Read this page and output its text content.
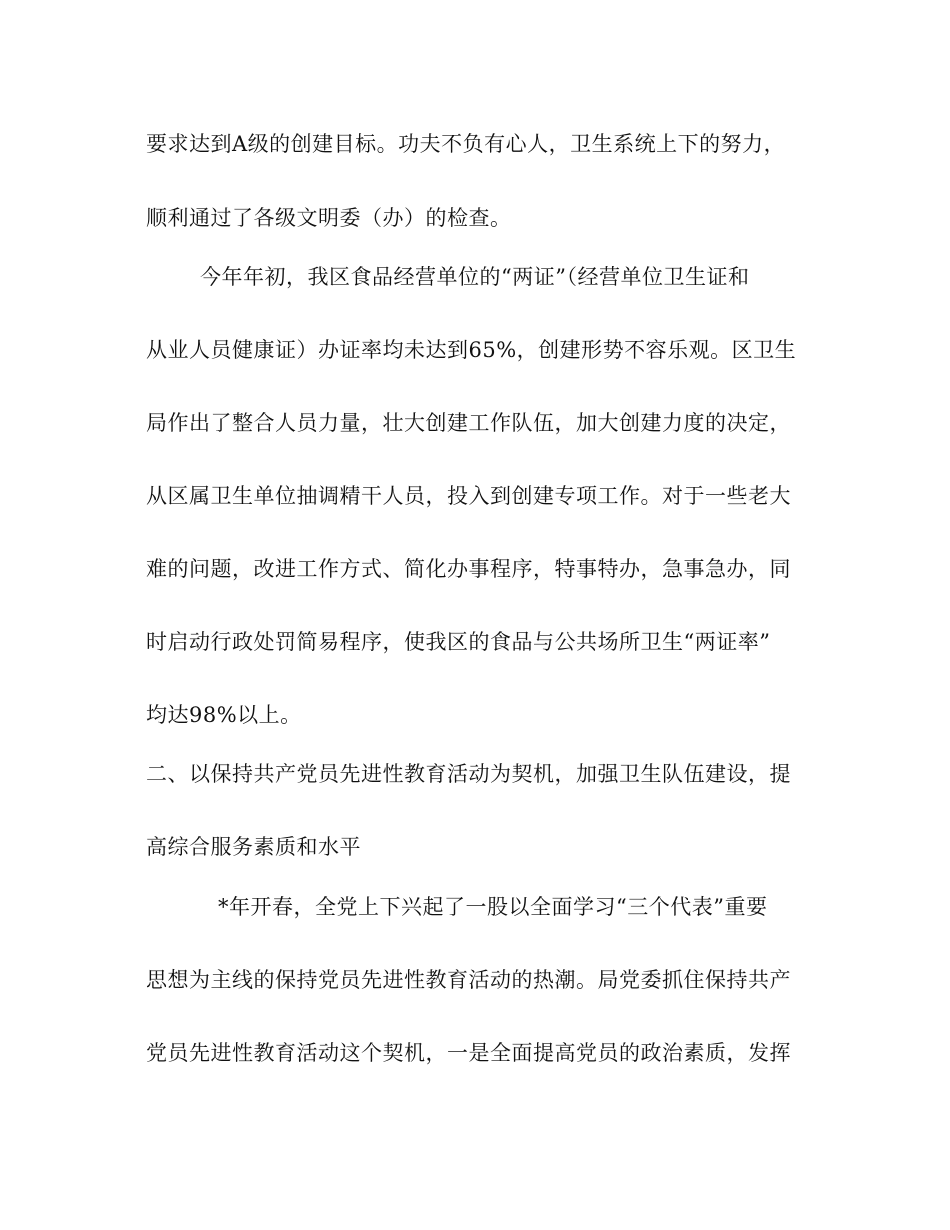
要求达到A级的创建目标。功夫不负有心人，卫生系统上下的努力，
顺利通过了各级文明委（办）的检查。
今年年初，我区食品经营单位的“两证”（经营单位卫生证和
从业人员健康证）办证率均未达到65%，创建形势不容乐观。区卫生
局作出了整合人员力量，壮大创建工作队伍，加大创建力度的决定，
从区属卫生单位抽调精干人员，投入到创建专项工作。对于一些老大
难的问题，改进工作方式、简化办事程序，特事特办，急事急办，同
时启动行政处罚简易程序，使我区的食品与公共场所卫生“两证率”
均达98%以上。
二、以保持共产党员先进性教育活动为契机，加强卫生队伍建设，提
高综合服务素质和水平
*年开春，全党上下兴起了一股以全面学习“三个代表”重要
思想为主线的保持党员先进性教育活动的热潮。局党委抓住保持共产
党员先进性教育活动这个契机，一是全面提高党员的政治素质，发挥
